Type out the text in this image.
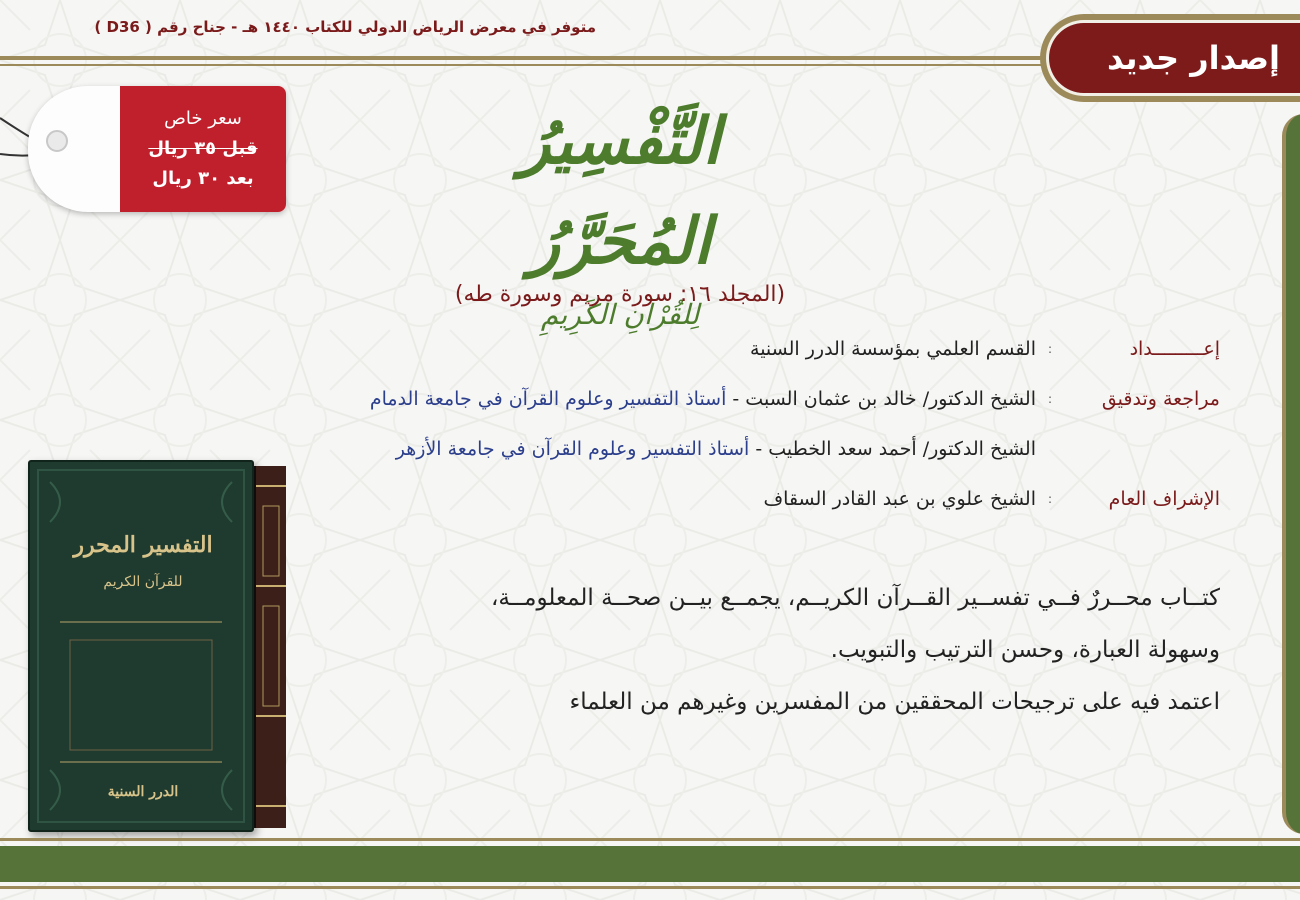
متوفر في معرض الرياض الدولي للكتاب ١٤٤٠ هـ - جناح رقم ( D36 )
إصدار جديد
سعر خاص
قبل ٣٥ ريال
بعد ٣٠ ريال	التَّفْسِيرُ المُحَرَّرُ
لِلقُرْآنِ الكَرِيمِ
(المجلد ١٦: سورة مريم وسورة طه)
إعـــــــــداد
:
القسم العلمي بمؤسسة الدرر السنية
مراجعة وتدقيق
:
الشيخ الدكتور/ خالد بن عثمان السبت - أستاذ التفسير وعلوم القرآن في جامعة الدمام
الشيخ الدكتور/ أحمد سعد الخطيب - أستاذ التفسير وعلوم القرآن في جامعة الأزهر
الإشراف العام
:
الشيخ علوي بن عبد القادر السقاف
كتــاب محــررٌ فــي تفســير القــرآن الكريــم، يجمــع بيــن صحــة المعلومــة،
وسهولة العبارة، وحسن الترتيب والتبويب.
اعتمد فيه على ترجيحات المحققين من المفسرين وغيرهم من العلماء
التفسير المحرر
للقرآن الكريم
الدرر السنية
